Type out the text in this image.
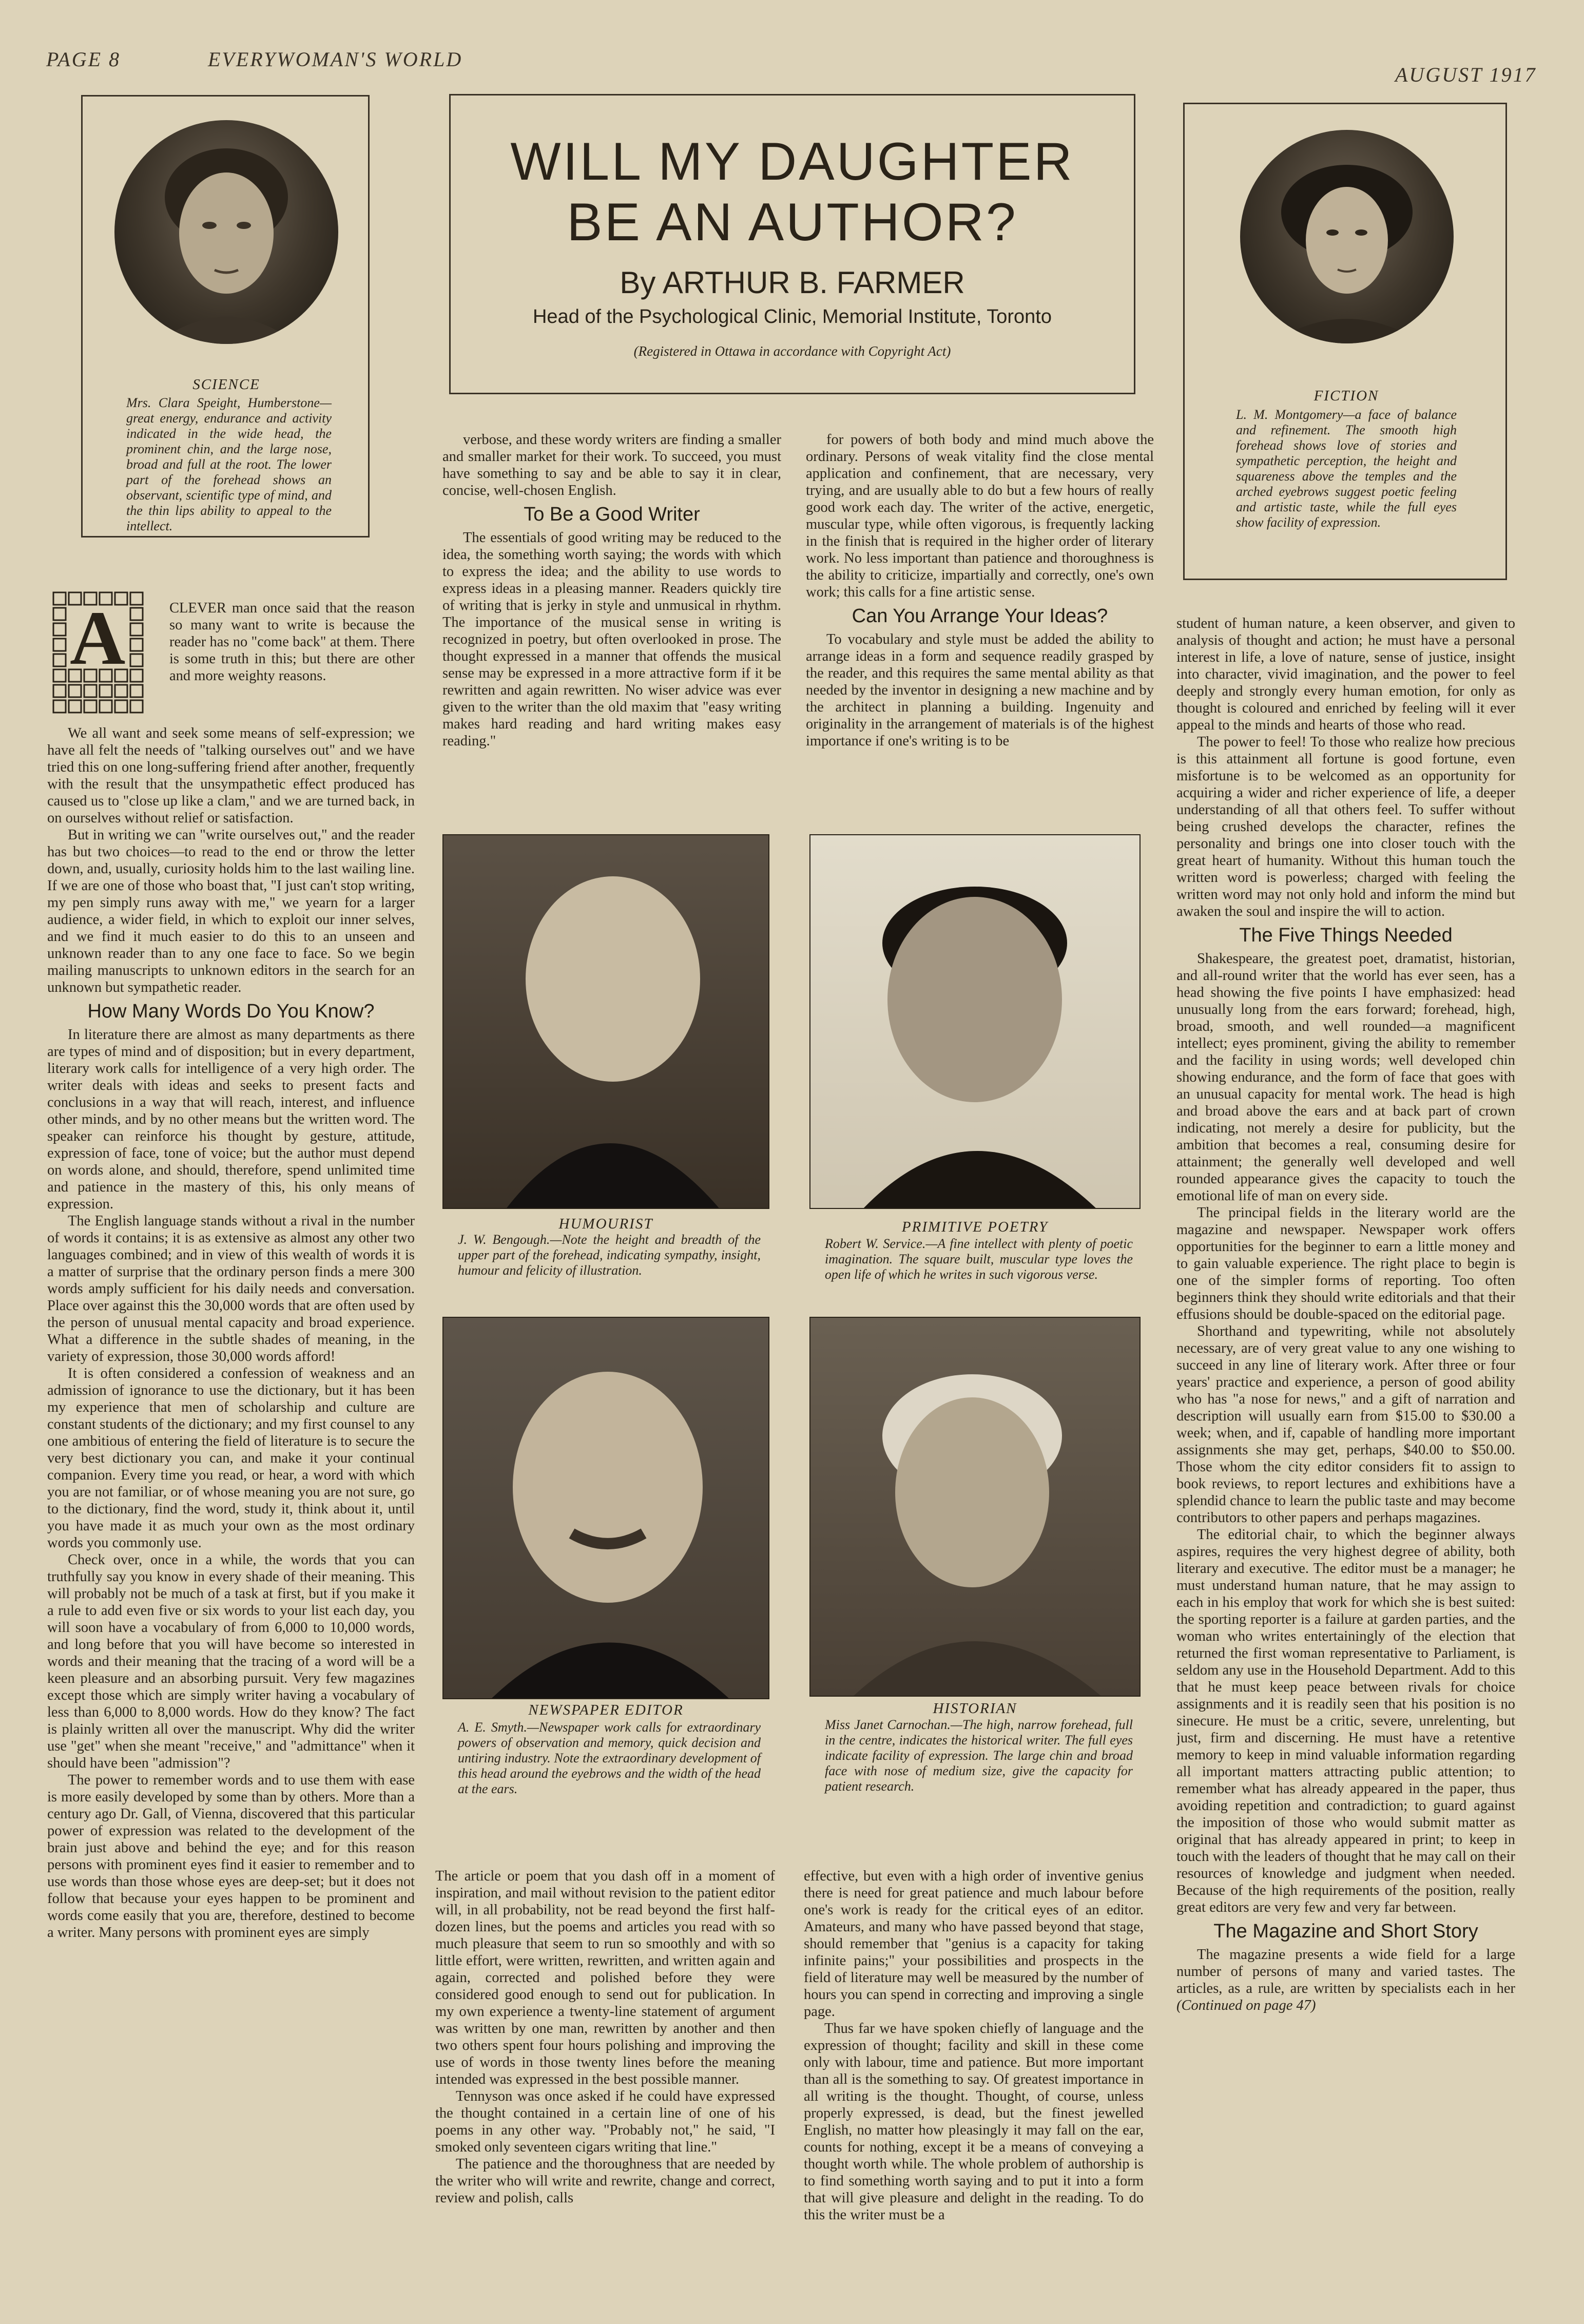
PAGE 8	EVERYWOMAN'S WORLD
AUGUST 1917
SCIENCE
Mrs. Clara Speight, Humberstone—great energy, endurance and activity indicated in the wide head, the prominent chin, and the large nose, broad and full at the root. The lower part of the forehead shows an observant, scientific type of mind, and the thin lips ability to appeal to the intellect.
WILL MY DAUGHTER
BE AN AUTHOR?
By ARTHUR B. FARMER
Head of the Psychological Clinic, Memorial Institute, Toronto
(Registered in Ottawa in accordance with Copyright Act)
FICTION
L. M. Montgomery—a face of balance and refinement. The smooth high forehead shows love of stories and sympathetic perception, the height and squareness above the temples and the arched eyebrows suggest poetic feeling and artistic taste, while the full eyes show facility of expression.
A	CLEVER man once said that the reason so many want to write is because the reader has no "come back" at them. There is some truth in this; but there are other and more weighty reasons.

We all want and seek some means of self-expression; we have all felt the needs of "talking ourselves out" and we have tried this on one long-suffering friend after another, frequently with the result that the unsympathetic effect produced has caused us to "close up like a clam," and we are turned back, in on ourselves without relief or satisfaction.

But in writing we can "write ourselves out," and the reader has but two choices—to read to the end or throw the letter down, and, usually, curiosity holds him to the last wailing line. If we are one of those who boast that, "I just can't stop writing, my pen simply runs away with me," we yearn for a larger audience, a wider field, in which to exploit our inner selves, and we find it much easier to do this to an unseen and unknown reader than to any one face to face. So we begin mailing manuscripts to unknown editors in the search for an unknown but sympathetic reader.

How Many Words Do You Know?

In literature there are almost as many departments as there are types of mind and of disposition; but in every department, literary work calls for intelligence of a very high order. The writer deals with ideas and seeks to present facts and conclusions in a way that will reach, interest, and influence other minds, and by no other means but the written word. The speaker can reinforce his thought by gesture, attitude, expression of face, tone of voice; but the author must depend on words alone, and should, therefore, spend unlimited time and patience in the mastery of this, his only means of expression.

The English language stands without a rival in the number of words it contains; it is as extensive as almost any other two languages combined; and in view of this wealth of words it is a matter of surprise that the ordinary person finds a mere 300 words amply sufficient for his daily needs and conversation. Place over against this the 30,000 words that are often used by the person of unusual mental capacity and broad experience. What a difference in the subtle shades of meaning, in the variety of expression, those 30,000 words afford!

It is often considered a confession of weakness and an admission of ignorance to use the dictionary, but it has been my experience that men of scholarship and culture are constant students of the dictionary; and my first counsel to any one ambitious of entering the field of literature is to secure the very best dictionary you can, and make it your continual companion. Every time you read, or hear, a word with which you are not familiar, or of whose meaning you are not sure, go to the dictionary, find the word, study it, think about it, until you have made it as much your own as the most ordinary words you commonly use.

Check over, once in a while, the words that you can truthfully say you know in every shade of their meaning. This will probably not be much of a task at first, but if you make it a rule to add even five or six words to your list each day, you will soon have a vocabulary of from 6,000 to 10,000 words, and long before that you will have become so interested in words and their meaning that the tracing of a word will be a keen pleasure and an absorbing pursuit. Very few magazines except those which are simply writer having a vocabulary of less than 6,000 to 8,000 words. How do they know? The fact is plainly written all over the manuscript. Why did the writer use "get" when she meant "receive," and "admittance" when it should have been "admission"?

The power to remember words and to use them with ease is more easily developed by some than by others. More than a century ago Dr. Gall, of Vienna, discovered that this particular power of expression was related to the development of the brain just above and behind the eye; and for this reason persons with prominent eyes find it easier to remember and to use words than those whose eyes are deep-set; but it does not follow that because your eyes happen to be prominent and words come easily that you are, therefore, destined to become a writer. Many persons with prominent eyes are simply

verbose, and these wordy writers are finding a smaller and smaller market for their work. To succeed, you must have something to say and be able to say it in clear, concise, well-chosen English.

To Be a Good Writer

The essentials of good writing may be reduced to the idea, the something worth saying; the words with which to express the idea; and the ability to use words to express ideas in a pleasing manner. Readers quickly tire of writing that is jerky in style and unmusical in rhythm. The importance of the musical sense in writing is recognized in poetry, but often overlooked in prose. The thought expressed in a manner that offends the musical sense may be expressed in a more attractive form if it be rewritten and again rewritten. No wiser advice was ever given to the writer than the old maxim that "easy writing makes hard reading and hard writing makes easy reading."

for powers of both body and mind much above the ordinary. Persons of weak vitality find the close mental application and confinement, that are necessary, very trying, and are usually able to do but a few hours of really good work each day. The writer of the active, energetic, muscular type, while often vigorous, is frequently lacking in the finish that is required in the higher order of literary work. No less important than patience and thoroughness is the ability to criticize, impartially and correctly, one's own work; this calls for a fine artistic sense.

Can You Arrange Your Ideas?

To vocabulary and style must be added the ability to arrange ideas in a form and sequence readily grasped by the reader, and this requires the same mental ability as that needed by the inventor in designing a new machine and by the architect in planning a building. Ingenuity and originality in the arrangement of materials is of the highest importance if one's writing is to be

HUMOURIST
J. W. Bengough.—Note the height and breadth of the upper part of the forehead, indicating sympathy, insight, humour and felicity of illustration.
PRIMITIVE POETRY
Robert W. Service.—A fine intellect with plenty of poetic imagination. The square built, muscular type loves the open life of which he writes in such vigorous verse.
NEWSPAPER EDITOR
A. E. Smyth.—Newspaper work calls for extraordinary powers of observation and memory, quick decision and untiring industry. Note the extraordinary development of this head around the eyebrows and the width of the head at the ears.
HISTORIAN
Miss Janet Carnochan.—The high, narrow forehead, full in the centre, indicates the historical writer. The full eyes indicate facility of expression. The large chin and broad face with nose of medium size, give the capacity for patient research.

The article or poem that you dash off in a moment of inspiration, and mail without revision to the patient editor will, in all probability, not be read beyond the first half-dozen lines, but the poems and articles you read with so much pleasure that seem to run so smoothly and with so little effort, were written, rewritten, and written again and again, corrected and polished before they were considered good enough to send out for publication. In my own experience a twenty-line statement of argument was written by one man, rewritten by another and then two others spent four hours polishing and improving the use of words in those twenty lines before the meaning intended was expressed in the best possible manner.

Tennyson was once asked if he could have expressed the thought contained in a certain line of one of his poems in any other way. "Probably not," he said, "I smoked only seventeen cigars writing that line."

The patience and the thoroughness that are needed by the writer who will write and rewrite, change and correct, review and polish, calls

effective, but even with a high order of inventive genius there is need for great patience and much labour before one's work is ready for the critical eyes of an editor. Amateurs, and many who have passed beyond that stage, should remember that "genius is a capacity for taking infinite pains;" your possibilities and prospects in the field of literature may well be measured by the number of hours you can spend in correcting and improving a single page.

Thus far we have spoken chiefly of language and the expression of thought; facility and skill in these come only with labour, time and patience. But more important than all is the something to say. Of greatest importance in all writing is the thought. Thought, of course, unless properly expressed, is dead, but the finest jewelled English, no matter how pleasingly it may fall on the ear, counts for nothing, except it be a means of conveying a thought worth while. The whole problem of authorship is to find something worth saying and to put it into a form that will give pleasure and delight in the reading. To do this the writer must be a

student of human nature, a keen observer, and given to analysis of thought and action; he must have a personal interest in life, a love of nature, sense of justice, insight into character, vivid imagination, and the power to feel deeply and strongly every human emotion, for only as thought is coloured and enriched by feeling will it ever appeal to the minds and hearts of those who read.

The power to feel! To those who realize how precious is this attainment all fortune is good fortune, even misfortune is to be welcomed as an opportunity for acquiring a wider and richer experience of life, a deeper understanding of all that others feel. To suffer without being crushed develops the character, refines the personality and brings one into closer touch with the great heart of humanity. Without this human touch the written word is powerless; charged with feeling the written word may not only hold and inform the mind but awaken the soul and inspire the will to action.

The Five Things Needed

Shakespeare, the greatest poet, dramatist, historian, and all-round writer that the world has ever seen, has a head showing the five points I have emphasized: head unusually long from the ears forward; forehead, high, broad, smooth, and well rounded—a magnificent intellect; eyes prominent, giving the ability to remember and the facility in using words; well developed chin showing endurance, and the form of face that goes with an unusual capacity for mental work. The head is high and broad above the ears and at back part of crown indicating, not merely a desire for publicity, but the ambition that becomes a real, consuming desire for attainment; the generally well developed and well rounded appearance gives the capacity to touch the emotional life of man on every side.

The principal fields in the literary world are the magazine and newspaper. Newspaper work offers opportunities for the beginner to earn a little money and to gain valuable experience. The right place to begin is one of the simpler forms of reporting. Too often beginners think they should write editorials and that their effusions should be double-spaced on the editorial page.

Shorthand and typewriting, while not absolutely necessary, are of very great value to any one wishing to succeed in any line of literary work. After three or four years' practice and experience, a person of good ability who has "a nose for news," and a gift of narration and description will usually earn from $15.00 to $30.00 a week; when, and if, capable of handling more important assignments she may get, perhaps, $40.00 to $50.00. Those whom the city editor considers fit to assign to book reviews, to report lectures and exhibitions have a splendid chance to learn the public taste and may become contributors to other papers and perhaps magazines.

The editorial chair, to which the beginner always aspires, requires the very highest degree of ability, both literary and executive. The editor must be a manager; he must understand human nature, that he may assign to each in his employ that work for which she is best suited: the sporting reporter is a failure at garden parties, and the woman who writes entertainingly of the election that returned the first woman representative to Parliament, is seldom any use in the Household Department. Add to this that he must keep peace between rivals for choice assignments and it is readily seen that his position is no sinecure. He must be a critic, severe, unrelenting, but just, firm and discerning. He must have a retentive memory to keep in mind valuable information regarding all important matters attracting public attention; to remember what has already appeared in the paper, thus avoiding repetition and contradiction; to guard against the imposition of those who would submit matter as original that has already appeared in print; to keep in touch with the leaders of thought that he may call on their resources of knowledge and judgment when needed. Because of the high requirements of the position, really great editors are very few and very far between.

The Magazine and Short Story

The magazine presents a wide field for a large number of persons of many and varied tastes. The articles, as a rule, are written by specialists each in her (Continued on page 47)
